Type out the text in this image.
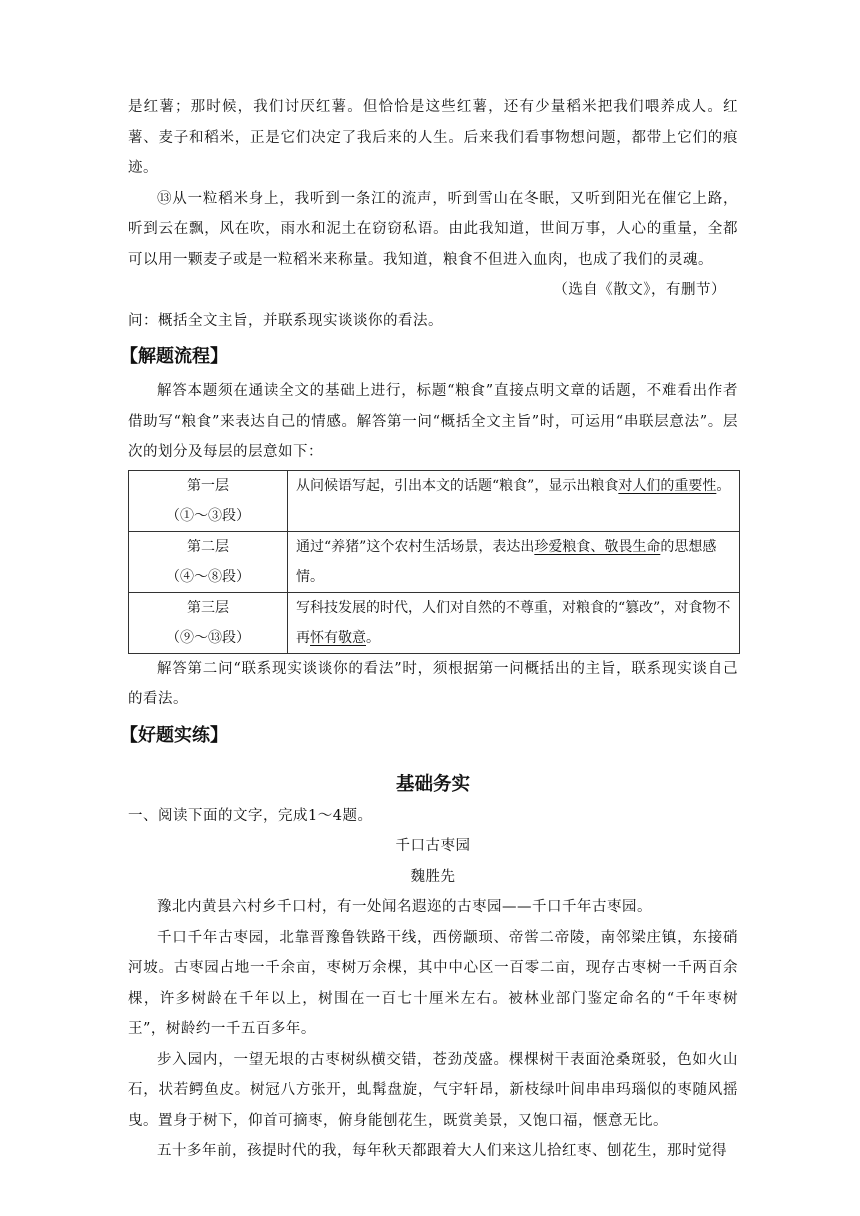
是红薯；那时候，我们讨厌红薯。但恰恰是这些红薯，还有少量稻米把我们喂养成人。红薯、麦子和稻米，正是它们决定了我后来的人生。后来我们看事物想问题，都带上它们的痕迹。

⑬从一粒稻米身上，我听到一条江的流声，听到雪山在冬眠，又听到阳光在催它上路，听到云在飘，风在吹，雨水和泥土在窃窃私语。由此我知道，世间万事，人心的重量，全都可以用一颗麦子或是一粒稻米来称量。我知道，粮食不但进入血肉，也成了我们的灵魂。

（选自《散文》，有删节）

问：概括全文主旨，并联系现实谈谈你的看法。

【解题流程】

解答本题须在通读全文的基础上进行，标题“粮食”直接点明文章的话题，不难看出作者借助写“粮食”来表达自己的情感。解答第一问“概括全文主旨”时，可运用“串联层意法”。层次的划分及每层的层意如下：

第一层
（①～③段）	从问候语写起，引出本文的话题“粮食”，显示出粮食对人们的重要性。

第二层
（④～⑧段）	通过“养猪”这个农村生活场景，表达出珍爱粮食、敬畏生命的思想感情。

第三层
（⑨～⑬段）	写科技发展的时代，人们对自然的不尊重，对粮食的“篡改”，对食物不再怀有敬意。

解答第二问“联系现实谈谈你的看法”时，须根据第一问概括出的主旨，联系现实谈自己的看法。

【好题实练】
基础务实

一、阅读下面的文字，完成1～4题。

千口古枣园

魏胜先

豫北内黄县六村乡千口村，有一处闻名遐迩的古枣园——千口千年古枣园。

千口千年古枣园，北靠晋豫鲁铁路干线，西傍颛顼、帝喾二帝陵，南邻梁庄镇，东接硝河坡。古枣园占地一千余亩，枣树万余棵，其中中心区一百零二亩，现存古枣树一千两百余棵，许多树龄在千年以上，树围在一百七十厘米左右。被林业部门鉴定命名的“千年枣树王”，树龄约一千五百多年。

步入园内，一望无垠的古枣树纵横交错，苍劲茂盛。棵棵树干表面沧桑斑驳，色如火山石，状若鳄鱼皮。树冠八方张开，虬髯盘旋，气宇轩昂，新枝绿叶间串串玛瑙似的枣随风摇曳。置身于树下，仰首可摘枣，俯身能刨花生，既赏美景，又饱口福，惬意无比。

五十多年前，孩提时代的我，每年秋天都跟着大人们来这儿拾红枣、刨花生，那时觉得
